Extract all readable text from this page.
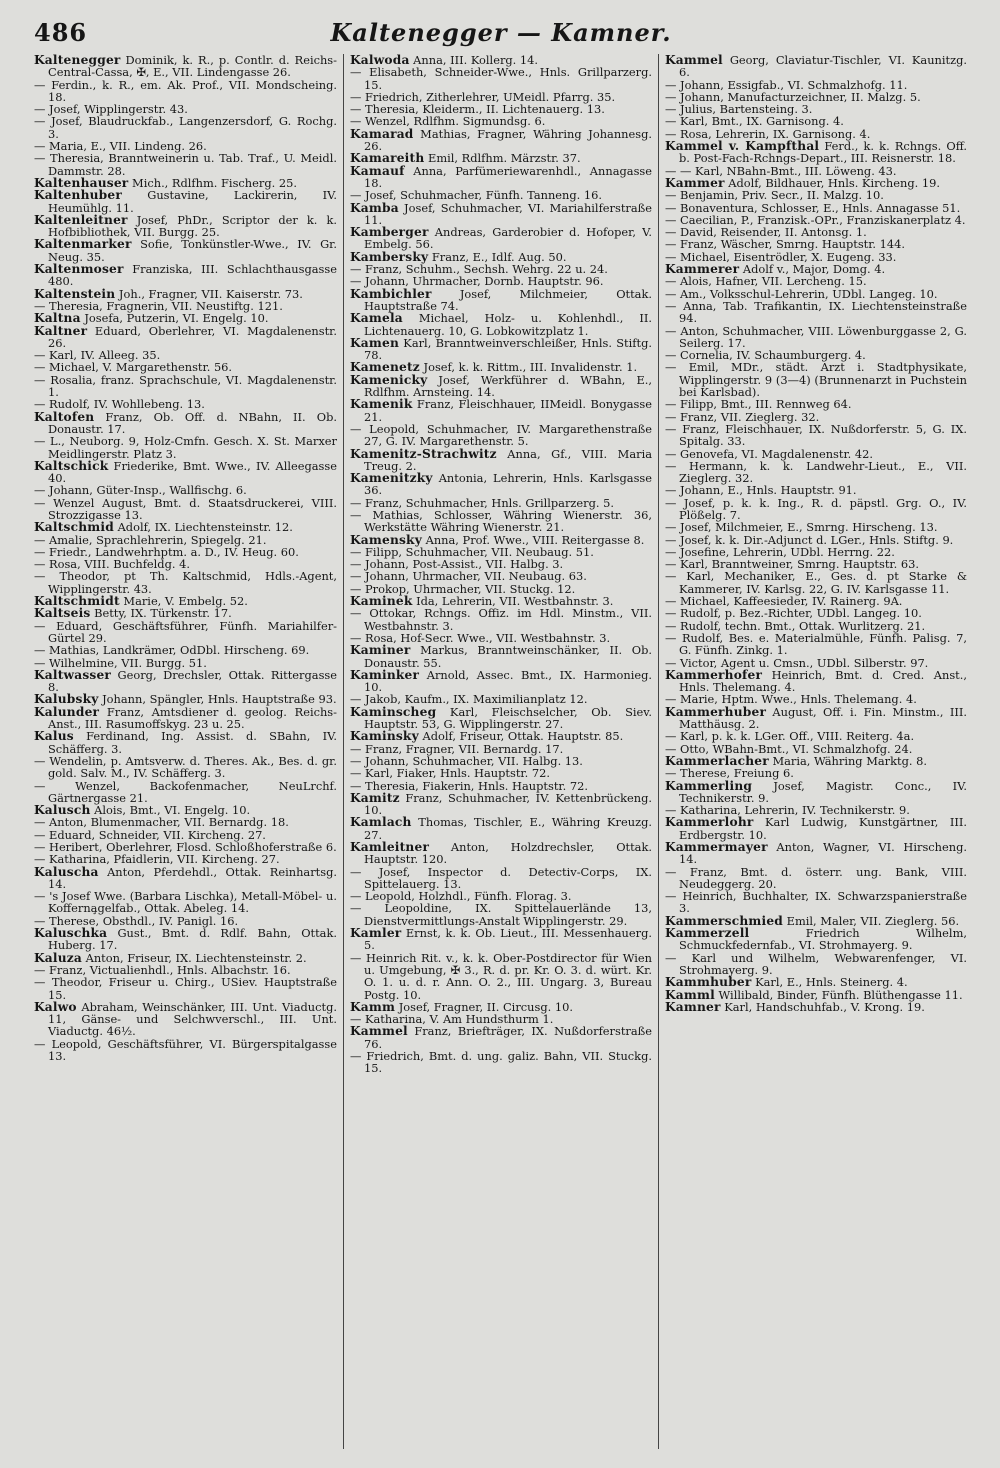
486	Kaltenegger — Kamner.

Kaltenegger Dominik, k. R., p. Contlr. d. Reichs-Central-Cassa, ✠, E., VII. Lindengasse 26.

— Ferdin., k. R., em. Ak. Prof., VII. Mondscheing. 18.

— Josef, Wipplingerstr. 43.

— Josef, Blaudruckfab., Langenzersdorf, G. Rochg. 3.

— Maria, E., VII. Lindeng. 26.

— Theresia, Branntweinerin u. Tab. Traf., U. Meidl. Dammstr. 28.

Kaltenhauser Mich., Rdlfhm. Fischerg. 25.

Kaltenhuber Gustavine, Lackirerin, IV. Heumühlg. 11.

Kaltenleitner Josef, PhDr., Scriptor der k. k. Hofbibliothek, VII. Burgg. 25.

Kaltenmarker Sofie, Tonkünstler-Wwe., IV. Gr. Neug. 35.

Kaltenmoser Franziska, III. Schlachthausgasse 480.

Kaltenstein Joh., Fragner, VII. Kaiserstr. 73.

— Theresia, Fragnerin, VII. Neustiftg. 121.

Kaltna Josefa, Putzerin, VI. Engelg. 10.

Kaltner Eduard, Oberlehrer, VI. Magdalenenstr. 26.

— Karl, IV. Alleeg. 35.

— Michael, V. Margarethenstr. 56.

— Rosalia, franz. Sprachschule, VI. Magdalenenstr. 1.

— Rudolf, IV. Wohllebeng. 13.

Kaltofen Franz, Ob. Off. d. NBahn, II. Ob. Donaustr. 17.

— L., Neuborg. 9, Holz-Cmfn. Gesch. X. St. Marxer Meidlingerstr. Platz 3.

Kaltschick Friederike, Bmt. Wwe., IV. Alleegasse 40.

— Johann, Güter-Insp., Wallfischg. 6.

— Wenzel August, Bmt. d. Staatsdruckerei, VIII. Strozzigasse 13.

Kaltschmid Adolf, IX. Liechtensteinstr. 12.

— Amalie, Sprachlehrerin, Spiegelg. 21.

— Friedr., Landwehrhptm. a. D., IV. Heug. 60.

— Rosa, VIII. Buchfeldg. 4.

— Theodor, pt Th. Kaltschmid, Hdls.-Agent, Wipplingerstr. 43.

Kaltschmidt Marie, V. Embelg. 52.

Kaltseis Betty, IX. Türkenstr. 17.

— Eduard, Geschäftsführer, Fünfh. Mariahilfer-Gürtel 29.

— Mathias, Landkrämer, OdDbl. Hirscheng. 69.

— Wilhelmine, VII. Burgg. 51.

Kaltwasser Georg, Drechsler, Ottak. Rittergasse 8.

Kalubsky Johann, Spängler, Hnls. Hauptstraße 93.

Kalunder Franz, Amtsdiener d. geolog. Reichs-Anst., III. Rasumoffskyg. 23 u. 25.

Kalus Ferdinand, Ing. Assist. d. SBahn, IV. Schäfferg. 3.

— Wendelin, p. Amtsverw. d. Theres. Ak., Bes. d. gr. gold. Salv. M., IV. Schäfferg. 3.

— Wenzel, Backofenmacher, NeuLrchf. Gärtnergasse 21.

Kalusch Alois, Bmt., VI. Engelg. 10.

— Anton, Blumenmacher, VII. Bernardg. 18.

— Eduard, Schneider, VII. Kircheng. 27.

— Heribert, Oberlehrer, Flosd. Schloßhoferstraße 6.

— Katharina, Pfaidlerin, VII. Kircheng. 27.

Kaluscha Anton, Pferdehdl., Ottak. Reinhartsg. 14.

— 's Josef Wwe. (Barbara Lischka), Metall-Möbel- u. Kofferna̧gelfab., Ottak. Abeleg. 14.

— Therese, Obsthdl., IV. Panigl. 16.

Kaluschka Gust., Bmt. d. Rdlf. Bahn, Ottak. Huberg. 17.

Kaluza Anton, Friseur, IX. Liechtensteinstr. 2.

— Franz, Victualienhdl., Hnls. Albachstr. 16.

— Theodor, Friseur u. Chirg., USiev. Hauptstraße 15.

Kalwo Abraham, Weinschänker, III. Unt. Viaductg. 11, Gänse- und Selchwverschl., III. Unt. Viaductg. 46½.

— Leopold, Geschäftsführer, VI. Bürgerspitalgasse 13.

Kalwoda Anna, III. Kollerg. 14.

— Elisabeth, Schneider-Wwe., Hnls. Grillparzerg. 15.

— Friedrich, Zitherlehrer, UMeidl. Pfarrg. 35.

— Theresia, Kleiderm., II. Lichtenauerg. 13.

— Wenzel, Rdlfhm. Sigmundsg. 6.

Kamarad Mathias, Fragner, Währing Johannesg. 26.

Kamareith Emil, Rdlfhm. Märzstr. 37.

Kamauf Anna, Parfümeriewarenhdl., Annagasse 18.

— Josef, Schuhmacher, Fünfh. Tanneng. 16.

Kamba Josef, Schuhmacher, VI. Mariahilferstraße 11.

Kamberger Andreas, Garderobier d. Hofoper, V. Embelg. 56.

Kambersky Franz, E., Idlf. Aug. 50.

— Franz, Schuhm., Sechsh. Wehrg. 22 u. 24.

— Johann, Uhrmacher, Dornb. Hauptstr. 96.

Kambichler Josef, Milchmeier, Ottak. Hauptstraße 74.

Kamela Michael, Holz- u. Kohlenhdl., II. Lichtenauerg. 10, G. Lobkowitzplatz 1.

Kamen Karl, Branntweinverschleißer, Hnls. Stiftg. 78.

Kamenetz Josef, k. k. Rittm., III. Invalidenstr. 1.

Kamenicky Josef, Werkführer d. WBahn, E., Rdlfhm. Arnsteing. 14.

Kamenik Franz, Fleischhauer, IIMeidl. Bonygasse 21.

— Leopold, Schuhmacher, IV. Margarethenstraße 27, G. IV. Margarethenstr. 5.

Kamenitz-Strachwitz Anna, Gf., VIII. Maria Treug. 2.

Kamenitzky Antonia, Lehrerin, Hnls. Karlsgasse 36.

— Franz, Schuhmacher, Hnls. Grillparzerg. 5.

— Mathias, Schlosser, Währing Wienerstr. 36, Werkstätte Währing Wienerstr. 21.

Kamensky Anna, Prof. Wwe., VIII. Reitergasse 8.

— Filipp, Schuhmacher, VII. Neubaug. 51.

— Johann, Post-Assist., VII. Halbg. 3.

— Johann, Uhrmacher, VII. Neubaug. 63.

— Prokop, Uhrmacher, VII. Stuckg. 12.

Kaminek Ida, Lehrerin, VII. Westbahnstr. 3.

— Ottokar, Rchngs. Offiz. im Hdl. Minstm., VII. Westbahnstr. 3.

— Rosa, Hof-Secr. Wwe., VII. Westbahnstr. 3.

Kaminer Markus, Branntweinschänker, II. Ob. Donaustr. 55.

Kaminker Arnold, Assec. Bmt., IX. Harmonieg. 10.

— Jakob, Kaufm., IX. Maximilianplatz 12.

Kaminscheg Karl, Fleischselcher, Ob. Siev. Hauptstr. 53, G. Wipplingerstr. 27.

Kaminsky Adolf, Friseur, Ottak. Hauptstr. 85.

— Franz, Fragner, VII. Bernardg. 17.

— Johann, Schuhmacher, VII. Halbg. 13.

— Karl, Fiaker, Hnls. Hauptstr. 72.

— Theresia, Fiakerin, Hnls. Hauptstr. 72.

Kamitz Franz, Schuhmacher, IV. Kettenbrückeng. 10.

Kamlach Thomas, Tischler, E., Währing Kreuzg. 27.

Kamleitner Anton, Holzdrechsler, Ottak. Hauptstr. 120.

— Josef, Inspector d. Detectiv-Corps, IX. Spittelauerg. 13.

— Leopold, Holzhdl., Fünfh. Florag. 3.

— Leopoldine, IX. Spittelauerlände 13, Dienstvermittlungs-Anstalt Wipplingerstr. 29.

Kamler Ernst, k. k. Ob. Lieut., III. Messenhauerg. 5.

— Heinrich Rit. v., k. k. Ober-Postdirector für Wien u. Umgebung, ✠ 3., R. d. pr. Kr. O. 3. d. würt. Kr. O. 1. u. d. r. Ann. O. 2., III. Ungarg. 3, Bureau Postg. 10.

Kamm Josef, Fragner, II. Circusg. 10.

— Katharina, V. Am Hundsthurm 1.

Kammel Franz, Briefträger, IX. Nußdorferstraße 76.

— Friedrich, Bmt. d. ung. galiz. Bahn, VII. Stuckg. 15.

Kammel Georg, Claviatur-Tischler, VI. Kaunitzg. 6.

— Johann, Essigfab., VI. Schmalzhofg. 11.

— Johann, Manufacturzeichner, II. Malzg. 5.

— Julius, Bartensteing. 3.

— Karl, Bmt., IX. Garnisong. 4.

— Rosa, Lehrerin, IX. Garnisong. 4.

Kammel v. Kampfthal Ferd., k. k. Rchngs. Off. b. Post-Fach-Rchngs-Depart., III. Reisnerstr. 18.

— — Karl, NBahn-Bmt., III. Löweng. 43.

Kammer Adolf, Bildhauer, Hnls. Kircheng. 19.

— Benjamin, Priv. Secr., II. Malzg. 10.

— Bonaventura, Schlosser, E., Hnls. Annagasse 51.

— Caecilian, P., Franzisk.-OPr., Franziskanerplatz 4.

— David, Reisender, II. Antonsg. 1.

— Franz, Wäscher, Smrng. Hauptstr. 144.

— Michael, Eisentrödler, X. Eugeng. 33.

Kammerer Adolf v., Major, Domg. 4.

— Alois, Hafner, VII. Lercheng. 15.

— Am., Volksschul-Lehrerin, UDbl. Langeg. 10.

— Anna, Tab. Trafikantin, IX. Liechtensteinstraße 94.

— Anton, Schuhmacher, VIII. Löwenburggasse 2, G. Seilerg. 17.

— Cornelia, IV. Schaumburgerg. 4.

— Emil, MDr., städt. Arzt i. Stadtphysikate, Wipplingerstr. 9 (3—4) (Brunnenarzt in Puchstein bei Karlsbad).

— Filipp, Bmt., III. Rennweg 64.

— Franz, VII. Zieglerg. 32.

— Franz, Fleischhauer, IX. Nußdorferstr. 5, G. IX. Spitalg. 33.

— Genovefa, VI. Magdalenenstr. 42.

— Hermann, k. k. Landwehr-Lieut., E., VII. Zieglerg. 32.

— Johann, E., Hnls. Hauptstr. 91.

— Josef, p. k. k. Ing., R. d. päpstl. Grg. O., IV. Plößelg. 7.

— Josef, Milchmeier, E., Smrng. Hirscheng. 13.

— Josef, k. k. Dir.-Adjunct d. LGer., Hnls. Stiftg. 9.

— Josefine, Lehrerin, UDbl. Herrng. 22.

— Karl, Branntweiner, Smrng. Hauptstr. 63.

— Karl, Mechaniker, E., Ges. d. pt Starke & Kammerer, IV. Karlsg. 22, G. IV. Karlsgasse 11.

— Michael, Kaffeesieder, IV. Rainerg. 9A.

— Rudolf, p. Bez.-Richter, UDbl. Langeg. 10.

— Rudolf, techn. Bmt., Ottak. Wurlitzerg. 21.

— Rudolf, Bes. e. Materialmühle, Fünfh. Palisg. 7, G. Fünfh. Zinkg. 1.

— Victor, Agent u. Cmsn., UDbl. Silberstr. 97.

Kammerhofer Heinrich, Bmt. d. Cred. Anst., Hnls. Thelemang. 4.

— Marie, Hptm. Wwe., Hnls. Thelemang. 4.

Kammerhuber August, Off. i. Fin. Minstm., III. Matthäusg. 2.

— Karl, p. k. k. LGer. Off., VIII. Reiterg. 4a.

— Otto, WBahn-Bmt., VI. Schmalzhofg. 24.

Kammerlacher Maria, Währing Marktg. 8.

— Therese, Freiung 6.

Kammerling Josef, Magistr. Conc., IV. Technikerstr. 9.

— Katharina, Lehrerin, IV. Technikerstr. 9.

Kammerlohr Karl Ludwig, Kunstgärtner, III. Erdbergstr. 10.

Kammermayer Anton, Wagner, VI. Hirscheng. 14.

— Franz, Bmt. d. österr. ung. Bank, VIII. Neudeggerg. 20.

— Heinrich, Buchhalter, IX. Schwarzspanierstraße 3.

Kammerschmied Emil, Maler, VII. Zieglerg. 56.

Kammerzell Friedrich Wilhelm, Schmuckfedernfab., VI. Strohmayerg. 9.

— Karl und Wilhelm, Webwarenfenger, VI. Strohmayerg. 9.

Kammhuber Karl, E., Hnls. Steinerg. 4.

Kamml Willibald, Binder, Fünfh. Blüthengasse 11.

Kamner Karl, Handschuhfab., V. Krong. 19.
